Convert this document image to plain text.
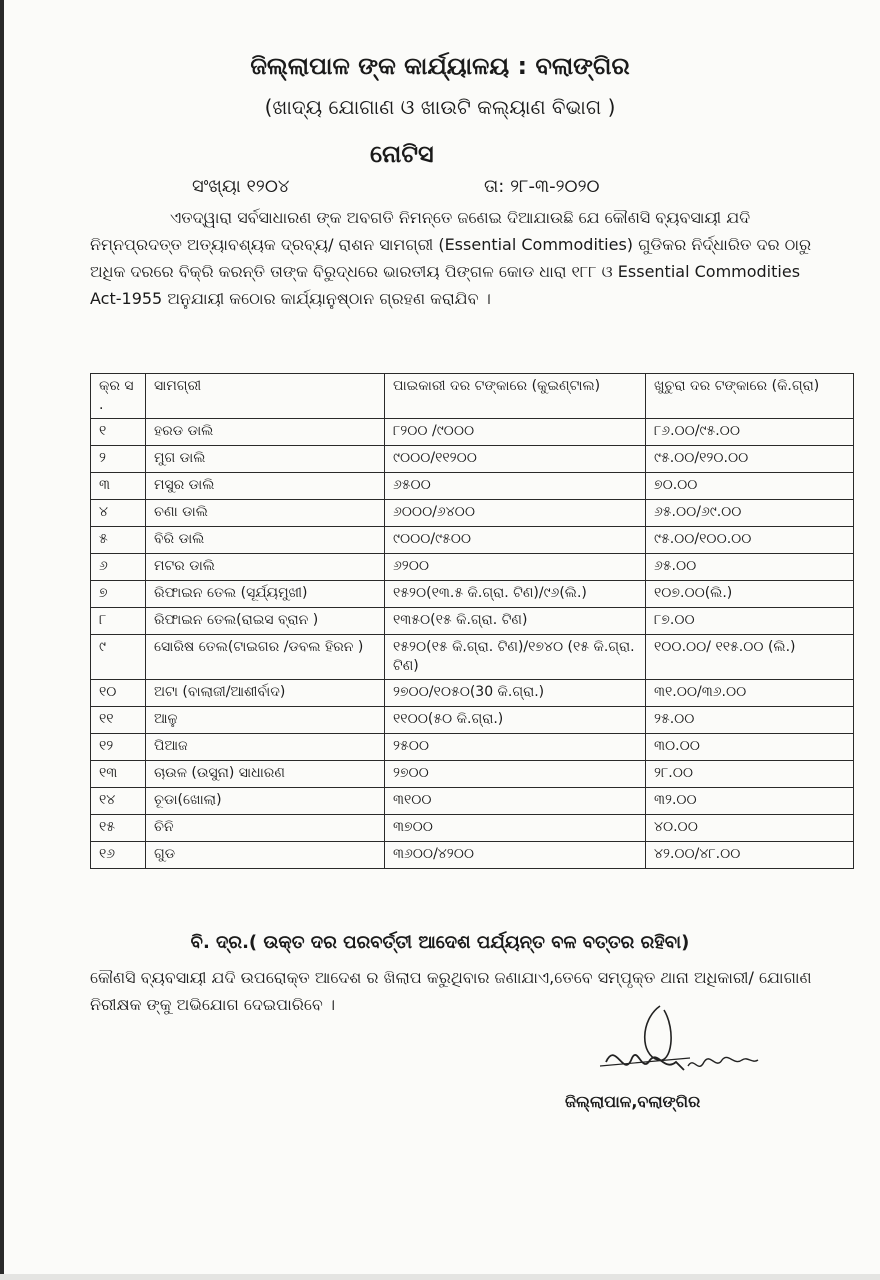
ଜିଲ୍ଲାପାଳ ଙ୍କ କାର୍ଯ୍ୟାଳୟ : ବଲାଙ୍ଗିର
(ଖାଦ୍ୟ ଯୋଗାଣ ଓ ଖାଉଟି କଲ୍ୟାଣ ବିଭାଗ )
ନୋଟିସ
ସଂଖ୍ୟା ୧୨୦୪	ତା: ୨୮-୩-୨୦୨୦
ଏତଦ୍ୱାରା ସର୍ବସାଧାରଣ ଙ୍କ ଅବଗତି ନିମନ୍ତେ ଜଣେଇ ଦିଆଯାଉଛି ଯେ କୌଣସି ବ୍ୟବସାୟୀ ଯଦି ନିମ୍ନପ୍ରଦତ୍ତ ଅତ୍ୟାବଶ୍ୟକ ଦ୍ରବ୍ୟ/ ରାଶନ ସାମଗ୍ରୀ (Essential Commodities) ଗୁଡିକର ନିର୍ଦ୍ଧାରିତ ଦର ଠାରୁ ଅଧିକ ଦରରେ ବିକ୍ରି କରନ୍ତି ତାଙ୍କ ବିରୁଦ୍ଧରେ ଭାରତୀୟ ପିଙ୍ଗଳ କୋଡ ଧାରା ୧୮୮ ଓ Essential Commodities Act-1955 ଅନୁଯାୟୀ କଠୋର କାର୍ଯ୍ୟାନୁଷ୍ଠାନ ଗ୍ରହଣ କରାଯିବ ।
କ୍ର ସ .	ସାମଗ୍ରୀ	ପାଇକାରୀ ଦର ଟଙ୍କାରେ (କୁଇଣ୍ଟାଲ)	ଖୁଚୁରା ଦର ଟଙ୍କାରେ (କି.ଗ୍ରା)
୧	ହରଡ ଡାଲି	୮୨୦୦ /୯୦୦୦	୮୬.୦୦/୯୫.୦୦
୨	ମୁଗ ଡାଲି	୯୦୦୦/୧୧୨୦୦	୯୫.୦୦/୧୨୦.୦୦
୩	ମସୁର ଡାଲି	୬୫୦୦	୭୦.୦୦
୪	ଚଣା ଡାଲି	୬୦୦୦/୬୪୦୦	୬୫.୦୦/୬୯.୦୦
୫	ବିରି ଡାଲି	୯୦୦୦/୯୫୦୦	୯୫.୦୦/୧୦୦.୦୦
୬	ମଟର ଡାଲି	୬୨୦୦	୬୫.୦୦
୭	ରିଫାଇନ ତେଲ (ସୂର୍ଯ୍ୟମୁଖୀ)	୧୫୨୦(୧୩.୫ କି.ଗ୍ରା. ଟିଣ)/୯୬(ଲି.)	୧୦୭.୦୦(ଲି.)
୮	ରିଫାଇନ ତେଲ(ରାଇସ ବ୍ରାନ )	୧୩୫୦(୧୫ କି.ଗ୍ରା. ଟିଣ)	୮୭.୦୦
୯	ସୋରିଷ ତେଲ(ଟାଇଗର /ଡବଲ ହିରନ )	୧୫୨୦(୧୫ କି.ଗ୍ରା. ଟିଣ)/୧୭୪୦ (୧୫ କି.ଗ୍ରା. ଟିଣ)	୧୦୦.୦୦/ ୧୧୫.୦୦ (ଲି.)
୧୦	ଅଟା (ବାଲାଜୀ/ଆଶୀର୍ବାଦ)	୨୭୦୦/୧୦୫୦(30 କି.ଗ୍ରା.)	୩୧.୦୦/୩୬.୦୦
୧୧	ଆଳୁ	୧୧୦୦(୫୦ କି.ଗ୍ରା.)	୨୫.୦୦
୧୨	ପିଆଜ	୨୫୦୦	୩୦.୦୦
୧୩	ଚାଉଳ (ଉସୁନା) ସାଧାରଣ	୨୭୦୦	୨୮.୦୦
୧୪	ଚୂଡା(ଖୋଲା)	୩୧୦୦	୩୨.୦୦
୧୫	ଚିନି	୩୭୦୦	୪୦.୦୦
୧୬	ଗୁଡ	୩୬୦୦/୪୨୦୦	୪୨.୦୦/୪୮.୦୦
ବି. ଦ୍ର.( ଉକ୍ତ ଦର ପରବର୍ତ୍ତୀ ଆଦେଶ ପର୍ଯ୍ୟନ୍ତ ବଳ ବତ୍ତର ରହିବା)
କୌଣସି ବ୍ୟବସାୟୀ ଯଦି ଉପରୋକ୍ତ ଆଦେଶ ର ଖିଲାପ କରୁଥିବାର ଜଣାଯାଏ,ତେବେ ସମ୍ପୃକ୍ତ ଥାନା ଅଧିକାରୀ/ ଯୋଗାଣ ନିରୀକ୍ଷକ ଙ୍କୁ ଅଭିଯୋଗ ଦେଇପାରିବେ ।
ଜିଲ୍ଲାପାଳ,ବଲାଙ୍ଗିର
